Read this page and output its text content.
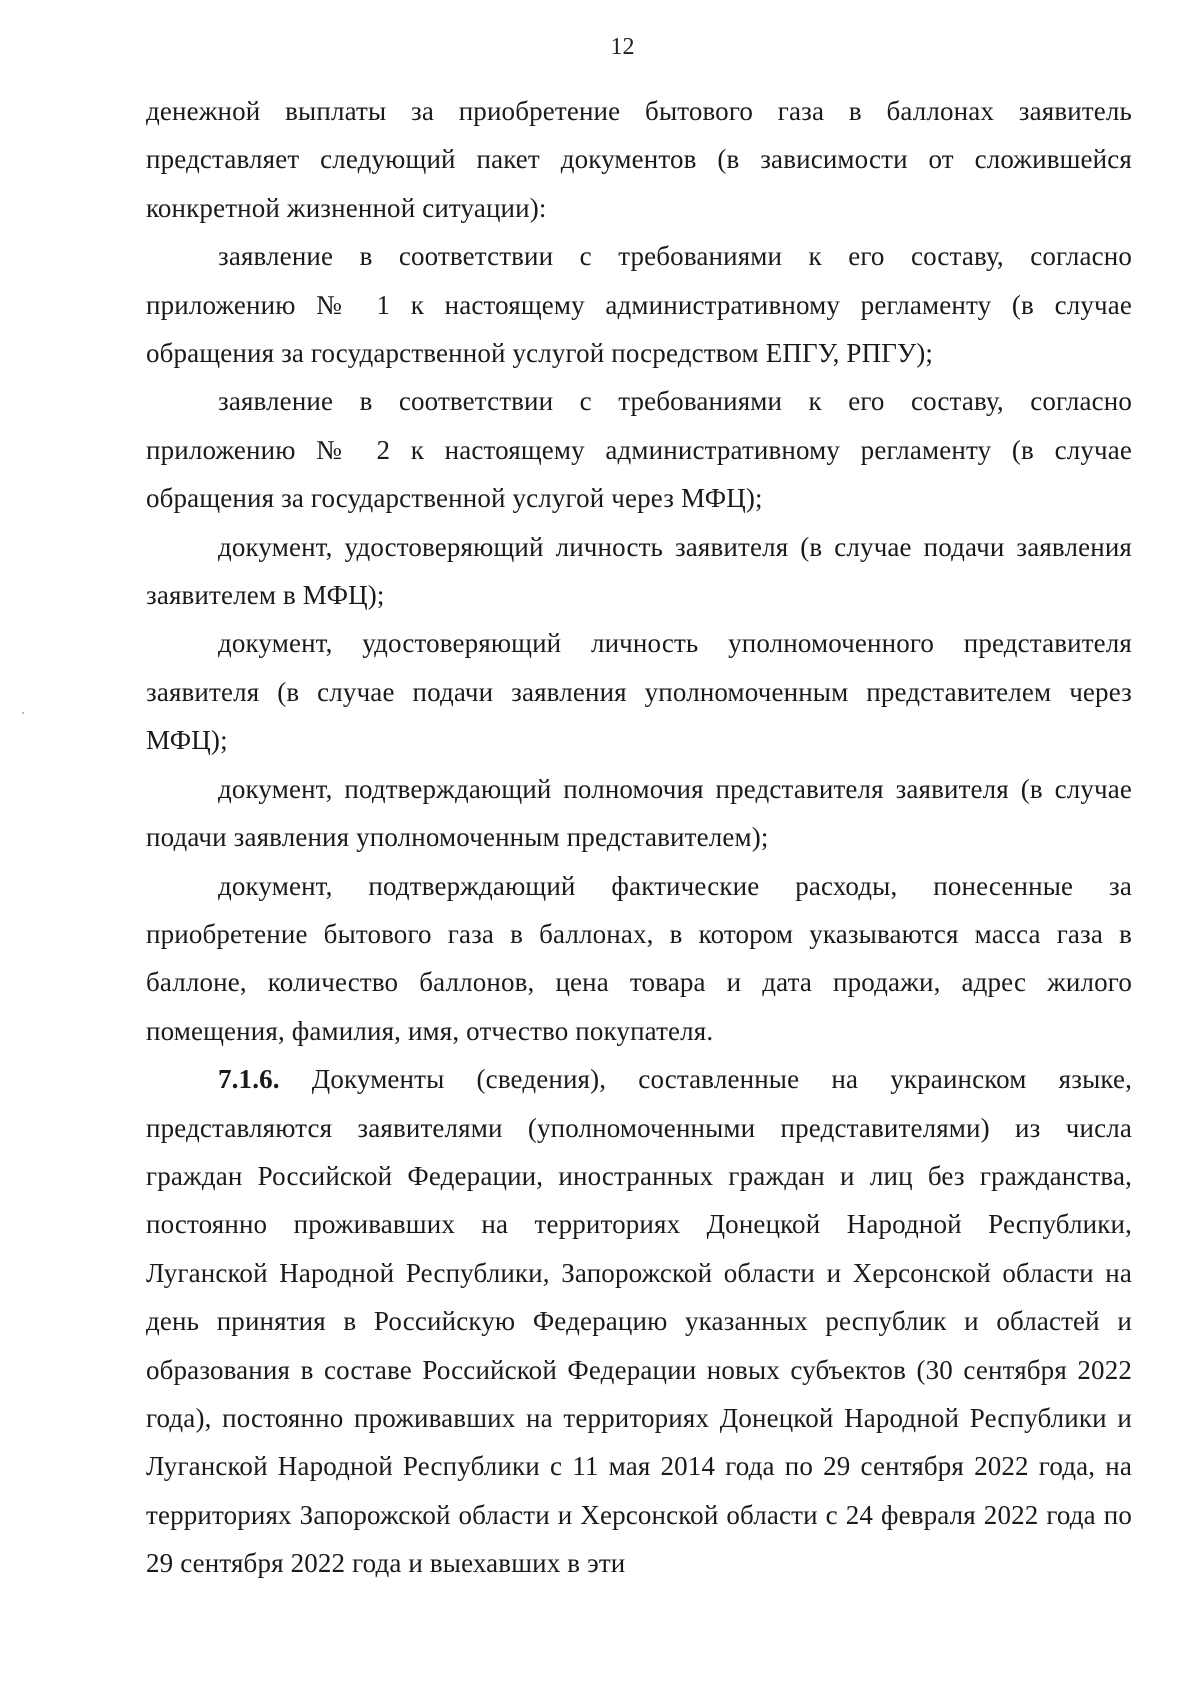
12

денежной выплаты за приобретение бытового газа в баллонах заявитель представляет следующий пакет документов (в зависимости от сложившейся конкретной жизненной ситуации):

заявление в соответствии с требованиями к его составу, согласно приложению № 1 к настоящему административному регламенту (в случае обращения за государственной услугой посредством ЕПГУ, РПГУ);

заявление в соответствии с требованиями к его составу, согласно приложению № 2 к настоящему административному регламенту (в случае обращения за государственной услугой через МФЦ);

документ, удостоверяющий личность заявителя (в случае подачи заявления заявителем в МФЦ);

документ, удостоверяющий личность уполномоченного представителя заявителя (в случае подачи заявления уполномоченным представителем через МФЦ);

документ, подтверждающий полномочия представителя заявителя (в случае подачи заявления уполномоченным представителем);

документ, подтверждающий фактические расходы, понесенные за приобретение бытового газа в баллонах, в котором указываются масса газа в баллоне, количество баллонов, цена товара и дата продажи, адрес жилого помещения, фамилия, имя, отчество покупателя.

7.1.6. Документы (сведения), составленные на украинском языке, представляются заявителями (уполномоченными представителями) из числа граждан Российской Федерации, иностранных граждан и лиц без гражданства, постоянно проживавших на территориях Донецкой Народной Республики, Луганской Народной Республики, Запорожской области и Херсонской области на день принятия в Российскую Федерацию указанных республик и областей и образования в составе Российской Федерации новых субъектов (30 сентября 2022 года), постоянно проживавших на территориях Донецкой Народной Республики и Луганской Народной Республики с 11 мая 2014 года по 29 сентября 2022 года, на территориях Запорожской области и Херсонской области с 24 февраля 2022 года по 29 сентября 2022 года и выехавших в эти
